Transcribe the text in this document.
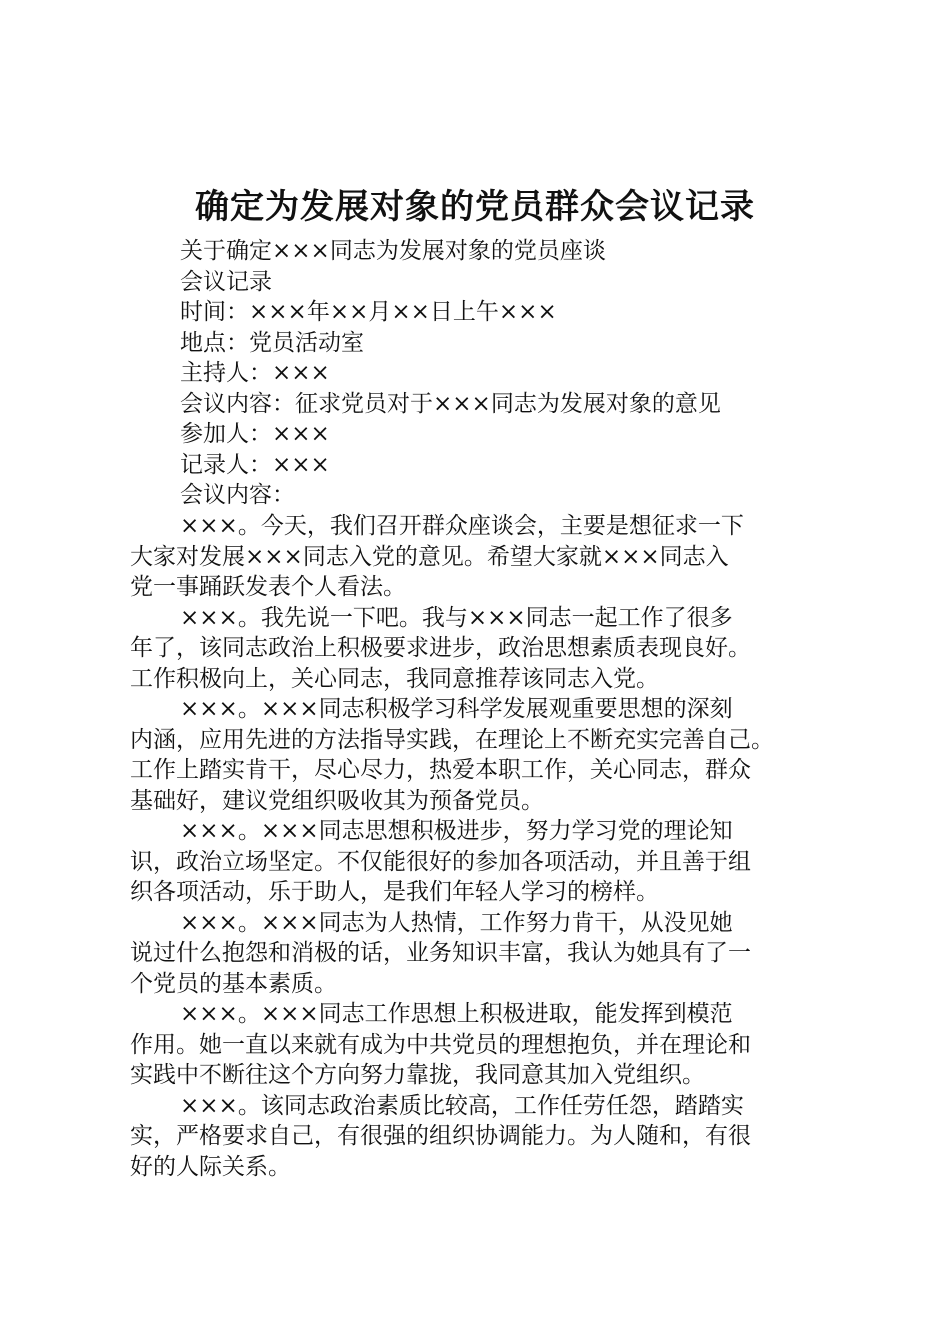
确定为发展对象的党员群众会议记录
关于确定×××同志为发展对象的党员座谈
会议记录
时间：×××年××月××日上午×××
地点：党员活动室
主持人：×××
会议内容：征求党员对于×××同志为发展对象的意见
参加人：×××
记录人：×××
会议内容：

×××。今天，我们召开群众座谈会，主要是想征求一下
大家对发展×××同志入党的意见。希望大家就×××同志入
党一事踊跃发表个人看法。

×××。我先说一下吧。我与×××同志一起工作了很多
年了，该同志政治上积极要求进步，政治思想素质表现良好。
工作积极向上，关心同志，我同意推荐该同志入党。

×××。×××同志积极学习科学发展观重要思想的深刻
内涵，应用先进的方法指导实践，在理论上不断充实完善自己。
工作上踏实肯干，尽心尽力，热爱本职工作，关心同志，群众
基础好，建议党组织吸收其为预备党员。

×××。×××同志思想积极进步，努力学习党的理论知
识，政治立场坚定。不仅能很好的参加各项活动，并且善于组
织各项活动，乐于助人，是我们年轻人学习的榜样。

×××。×××同志为人热情，工作努力肯干，从没见她
说过什么抱怨和消极的话，业务知识丰富，我认为她具有了一
个党员的基本素质。

×××。×××同志工作思想上积极进取，能发挥到模范
作用。她一直以来就有成为中共党员的理想抱负，并在理论和
实践中不断往这个方向努力靠拢，我同意其加入党组织。

×××。该同志政治素质比较高，工作任劳任怨，踏踏实
实，严格要求自己，有很强的组织协调能力。为人随和，有很
好的人际关系。
